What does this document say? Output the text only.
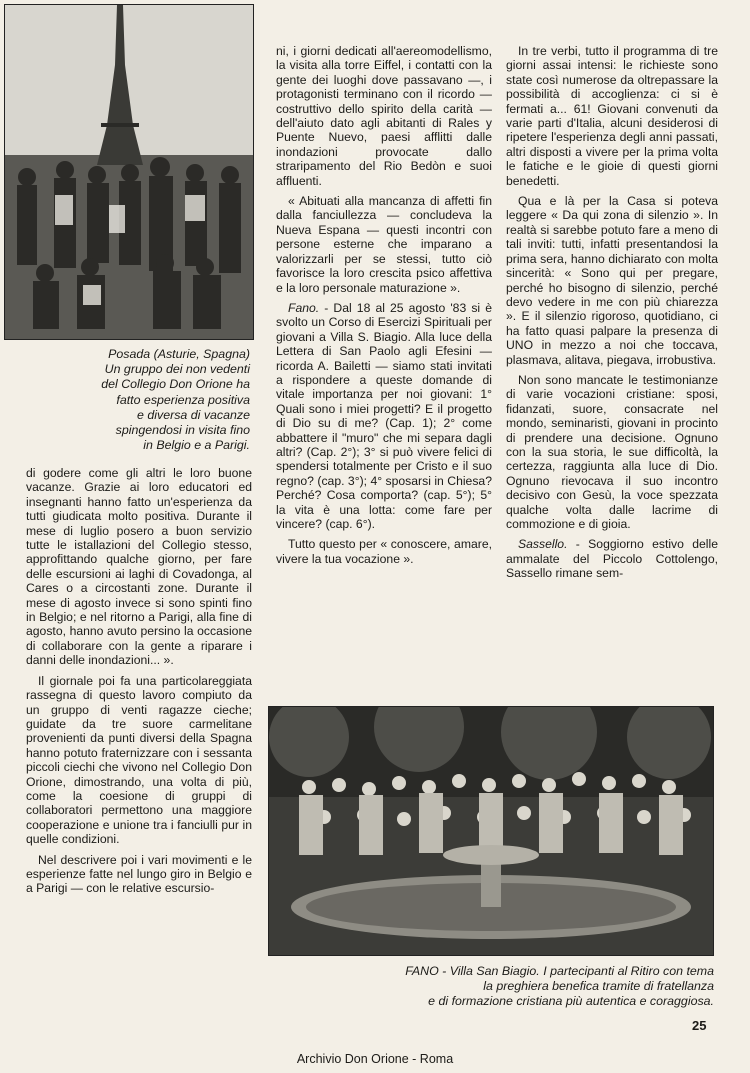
Posada (Asturie, Spagna)
Un gruppo dei non vedenti
del Collegio Don Orione ha
fatto esperienza positiva
e diversa di vacanze
spingendosi in visita fino
in Belgio e a Parigi.

di godere come gli altri le loro buone vacanze. Grazie ai loro educatori ed insegnanti hanno fatto un'esperienza da tutti giudicata molto positiva. Durante il mese di luglio posero a buon servizio tutte le istallazioni del Collegio stesso, approfittando qualche giorno, per fare delle escursioni ai laghi di Covadonga, al Cares o a circostanti zone. Durante il mese di agosto invece si sono spinti fino in Belgio; e nel ritorno a Parigi, alla fine di agosto, hanno avuto persino la occasione di collaborare con la gente a riparare i danni delle inondazioni... ».

Il giornale poi fa una particolareggiata rassegna di questo lavoro compiuto da un gruppo di venti ragazze cieche; guidate da tre suore carmelitane provenienti da punti diversi della Spagna hanno potuto fraternizzare con i sessanta piccoli ciechi che vivono nel Collegio Don Orione, dimostrando, una volta di più, come la coesione di gruppi di collaboratori permettono una maggiore cooperazione e unione tra i fanciulli pur in quelle condizioni.

Nel descrivere poi i vari movimenti e le esperienze fatte nel lungo giro in Belgio e a Parigi — con le relative escursio-

ni, i giorni dedicati all'aereomodellismo, la visita alla torre Eiffel, i contatti con la gente dei luoghi dove passavano —, i protagonisti terminano con il ricordo — costruttivo dello spirito della carità — dell'aiuto dato agli abitanti di Rales y Puente Nuevo, paesi afflitti dalle inondazioni provocate dallo straripamento del Rio Bedòn e suoi affluenti.

« Abituati alla mancanza di affetti fin dalla fanciullezza — concludeva la Nueva Espana — questi incontri con persone esterne che imparano a valorizzarli per se stessi, tutto ciò favorisce la loro crescita psico affettiva e la loro personale maturazione ».

Fano. - Dal 18 al 25 agosto '83 si è svolto un Corso di Esercizi Spirituali per giovani a Villa S. Biagio. Alla luce della Lettera di San Paolo agli Efesini — ricorda A. Bailetti — siamo stati invitati a rispondere a queste domande di vitale importanza per noi giovani: 1° Quali sono i miei progetti? E il progetto di Dio su di me? (Cap. 1); 2° come abbattere il "muro" che mi separa dagli altri? (Cap. 2°); 3° si può vivere felici di spendersi totalmente per Cristo e il suo regno? (cap. 3°); 4° sposarsi in Chiesa? Perché? Cosa comporta? (cap. 5°); 5° la vita è una lotta: come fare per vincere? (cap. 6°).

Tutto questo per « conoscere, amare, vivere la tua vocazione ».

In tre verbi, tutto il programma di tre giorni assai intensi: le richieste sono state così numerose da oltrepassare la possibilità di accoglienza: ci si è fermati a... 61! Giovani convenuti da varie parti d'Italia, alcuni desiderosi di ripetere l'esperienza degli anni passati, altri disposti a vivere per la prima volta le fatiche e le gioie di questi giorni benedetti.

Qua e là per la Casa si poteva leggere « Da qui zona di silenzio ». In realtà si sarebbe potuto fare a meno di tali inviti: tutti, infatti presentandosi la prima sera, hanno dichiarato con molta sincerità: « Sono qui per pregare, perché ho bisogno di silenzio, perché devo vedere in me con più chiarezza ». E il silenzio rigoroso, quotidiano, ci ha fatto quasi palpare la presenza di UNO in mezzo a noi che toccava, plasmava, alitava, piegava, irrobustiva.

Non sono mancate le testimonianze di varie vocazioni cristiane: sposi, fidanzati, suore, consacrate nel mondo, seminaristi, giovani in procinto di prendere una decisione. Ognuno con la sua storia, le sue difficoltà, la certezza, raggiunta alla luce di Dio. Ognuno rievocava il suo incontro decisivo con Gesù, la voce spezzata qualche volta dalle lacrime di commozione e di gioia.

Sassello. - Soggiorno estivo delle ammalate del Piccolo Cottolengo, Sassello rimane sem-

FANO - Villa San Biagio. I partecipanti al Ritiro con tema
la preghiera benefica tramite di fratellanza
e di formazione cristiana più autentica e coraggiosa.
25
Archivio Don Orione - Roma
